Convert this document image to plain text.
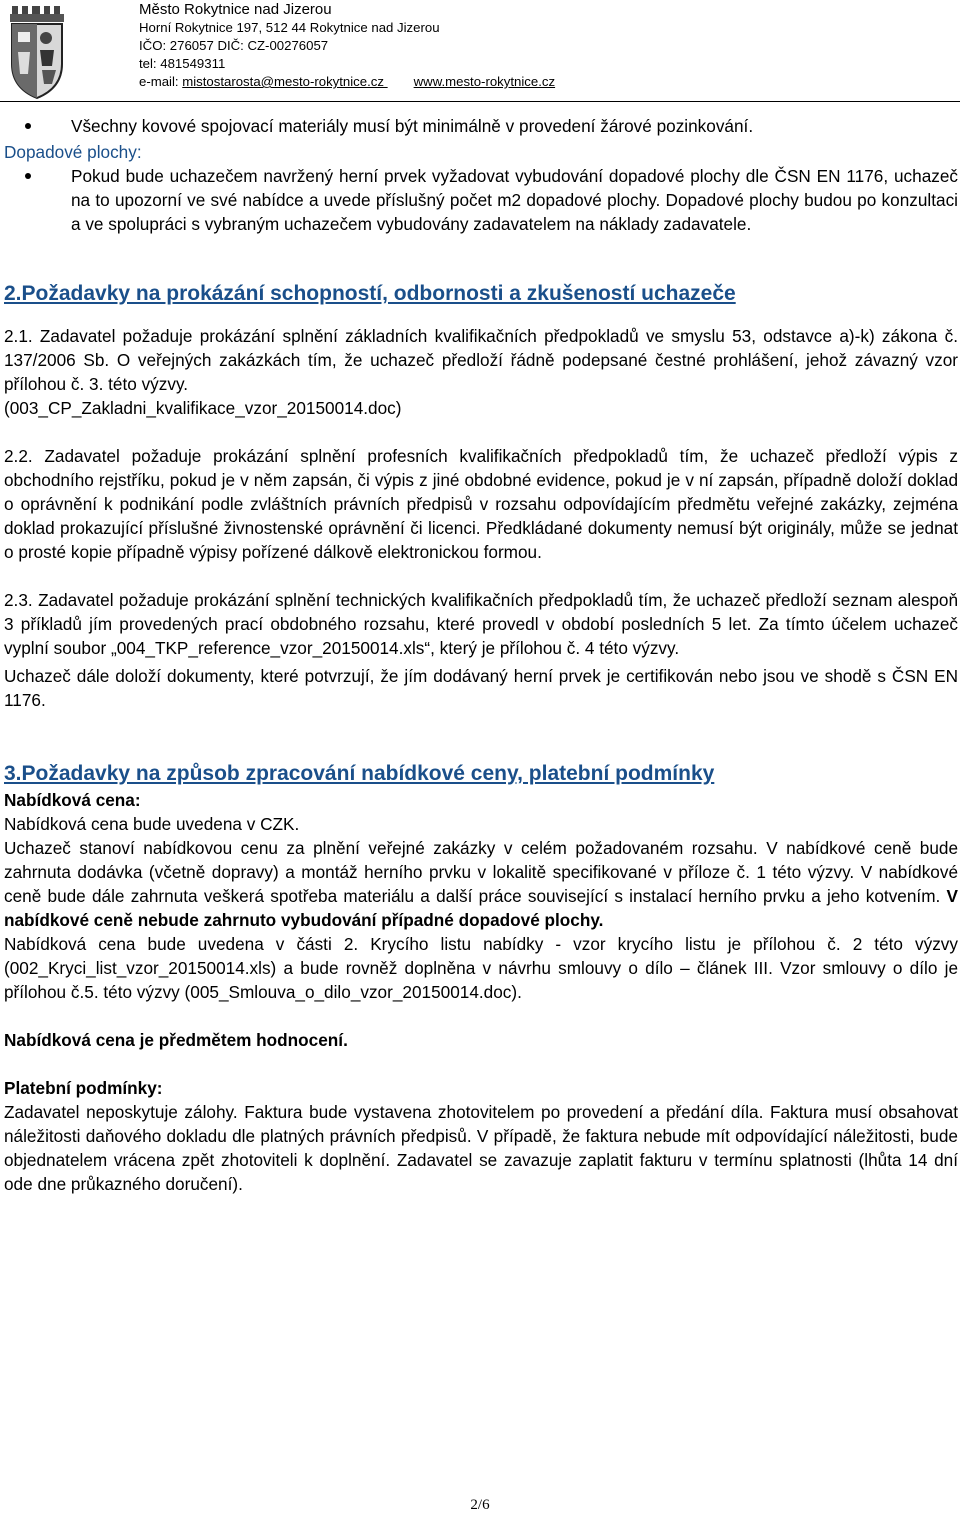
Město Rokytnice nad Jizerou
Horní Rokytnice 197, 512 44 Rokytnice nad Jizerou
IČO: 276057 DIČ: CZ-00276057
tel: 481549311
e-mail: mistostarosta@mesto-rokytnice.cz www.mesto-rokytnice.cz

Všechny kovové spojovací materiály musí být minimálně v provedení žárové pozinkování.

Dopadové plochy:

Pokud bude uchazečem navržený herní prvek vyžadovat vybudování dopadové plochy dle ČSN EN 1176, uchazeč na to upozorní ve své nabídce a uvede příslušný počet m2 dopadové plochy. Dopadové plochy budou po konzultaci a ve spolupráci s vybraným uchazečem vybudovány zadavatelem na náklady zadavatele.

2.Požadavky na prokázání schopností, odbornosti a zkušeností uchazeče

2.1. Zadavatel požaduje prokázání splnění základních kvalifikačních předpokladů ve smyslu 53, odstavce a)-k) zákona č. 137/2006 Sb. O veřejných zakázkách tím, že uchazeč předloží řádně podepsané čestné prohlášení, jehož závazný vzor přílohou č. 3. této výzvy.

(003_CP_Zakladni_kvalifikace_vzor_20150014.doc)

2.2. Zadavatel požaduje prokázání splnění profesních kvalifikačních předpokladů tím, že uchazeč předloží výpis z obchodního rejstříku, pokud je v něm zapsán, či výpis z jiné obdobné evidence, pokud je v ní zapsán, případně doloží doklad o oprávnění k podnikání podle zvláštních právních předpisů v rozsahu odpovídajícím předmětu veřejné zakázky, zejména doklad prokazující příslušné živnostenské oprávnění či licenci. Předkládané dokumenty nemusí být originály, může se jednat o prosté kopie případně výpisy pořízené dálkově elektronickou formou.

2.3. Zadavatel požaduje prokázání splnění technických kvalifikačních předpokladů tím, že uchazeč předloží seznam alespoň 3 příkladů jím provedených prací obdobného rozsahu, které provedl v období posledních 5 let. Za tímto účelem uchazeč vyplní soubor „004_TKP_reference_vzor_20150014.xls“, který je přílohou č. 4 této výzvy.

Uchazeč dále doloží dokumenty, které potvrzují, že jím dodávaný herní prvek je certifikován nebo jsou ve shodě s ČSN EN 1176.

3.Požadavky na způsob zpracování nabídkové ceny, platební podmínky
Nabídková cena:

Nabídková cena bude uvedena v CZK.

Uchazeč stanoví nabídkovou cenu za plnění veřejné zakázky v celém požadovaném rozsahu. V nabídkové ceně bude zahrnuta dodávka (včetně dopravy) a montáž herního prvku v lokalitě specifikované v příloze č. 1 této výzvy. V nabídkové ceně bude dále zahrnuta veškerá spotřeba materiálu a další práce související s instalací herního prvku a jeho kotvením. V nabídkové ceně nebude zahrnuto vybudování případné dopadové plochy.

Nabídková cena bude uvedena v části 2. Krycího listu nabídky - vzor krycího listu je přílohou č. 2 této výzvy (002_Kryci_list_vzor_20150014.xls) a bude rovněž doplněna v návrhu smlouvy o dílo – článek III. Vzor smlouvy o dílo je přílohou č.5. této výzvy (005_Smlouva_o_dilo_vzor_20150014.doc).

Nabídková cena je předmětem hodnocení.
Platební podmínky:

Zadavatel neposkytuje zálohy. Faktura bude vystavena zhotovitelem po provedení a předání díla. Faktura musí obsahovat náležitosti daňového dokladu dle platných právních předpisů. V případě, že faktura nebude mít odpovídající náležitosti, bude objednatelem vrácena zpět zhotoviteli k doplnění. Zadavatel se zavazuje zaplatit fakturu v termínu splatnosti (lhůta 14 dní ode dne průkazného doručení).

2/6
